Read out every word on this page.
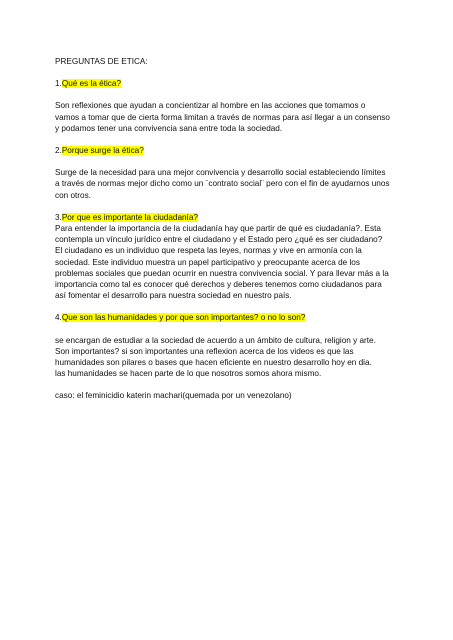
PREGUNTAS DE ETICA:

1.Qué es la ética?

Son reflexiones que ayudan a concientizar al hombre en las acciones que tomamos o
vamos a tomar que de cierta forma limitan a través de normas para así llegar a un consenso
y podamos tener una convivencia sana entre toda la sociedad.

2.Porque surge la ética?

Surge de la necesidad para una mejor convivencia y desarrollo social estableciendo límites
a través de normas mejor dicho como un ¨contrato social¨ pero con el fin de ayudarnos unos
con otros.

3.Por que es importante la ciudadanía?

Para entender la importancia de la ciudadanía hay que partir de qué es ciudadanía?. Esta
contempla un vínculo jurídico entre el ciudadano y el Estado pero ¿qué es ser ciudadano?
El ciudadano es un individuo que respeta las leyes, normas y vive en armonía con la
sociedad. Este individuo muestra un papel participativo y preocupante acerca de los
problemas sociales que puedan ocurrir en nuestra convivencia social. Y para llevar más a la
importancia como tal es conocer qué derechos y deberes tenemos como ciudadanos para
así fomentar el desarrollo para nuestra sociedad en nuestro país.

4.Que son las humanidades y por que son importantes? o no lo son?

se encargan de estudiar a la sociedad de acuerdo a un ámbito de cultura, religion y arte.
Son importantes? si son importantes una reflexion acerca de los videos es que las
humanidades son pilares o bases que hacen eficiente en nuestro desarrollo hoy en dia.
las humanidades se hacen parte de lo que nosotros somos ahora mismo.

caso: el feminicidio katerin machari(quemada por un venezolano)
